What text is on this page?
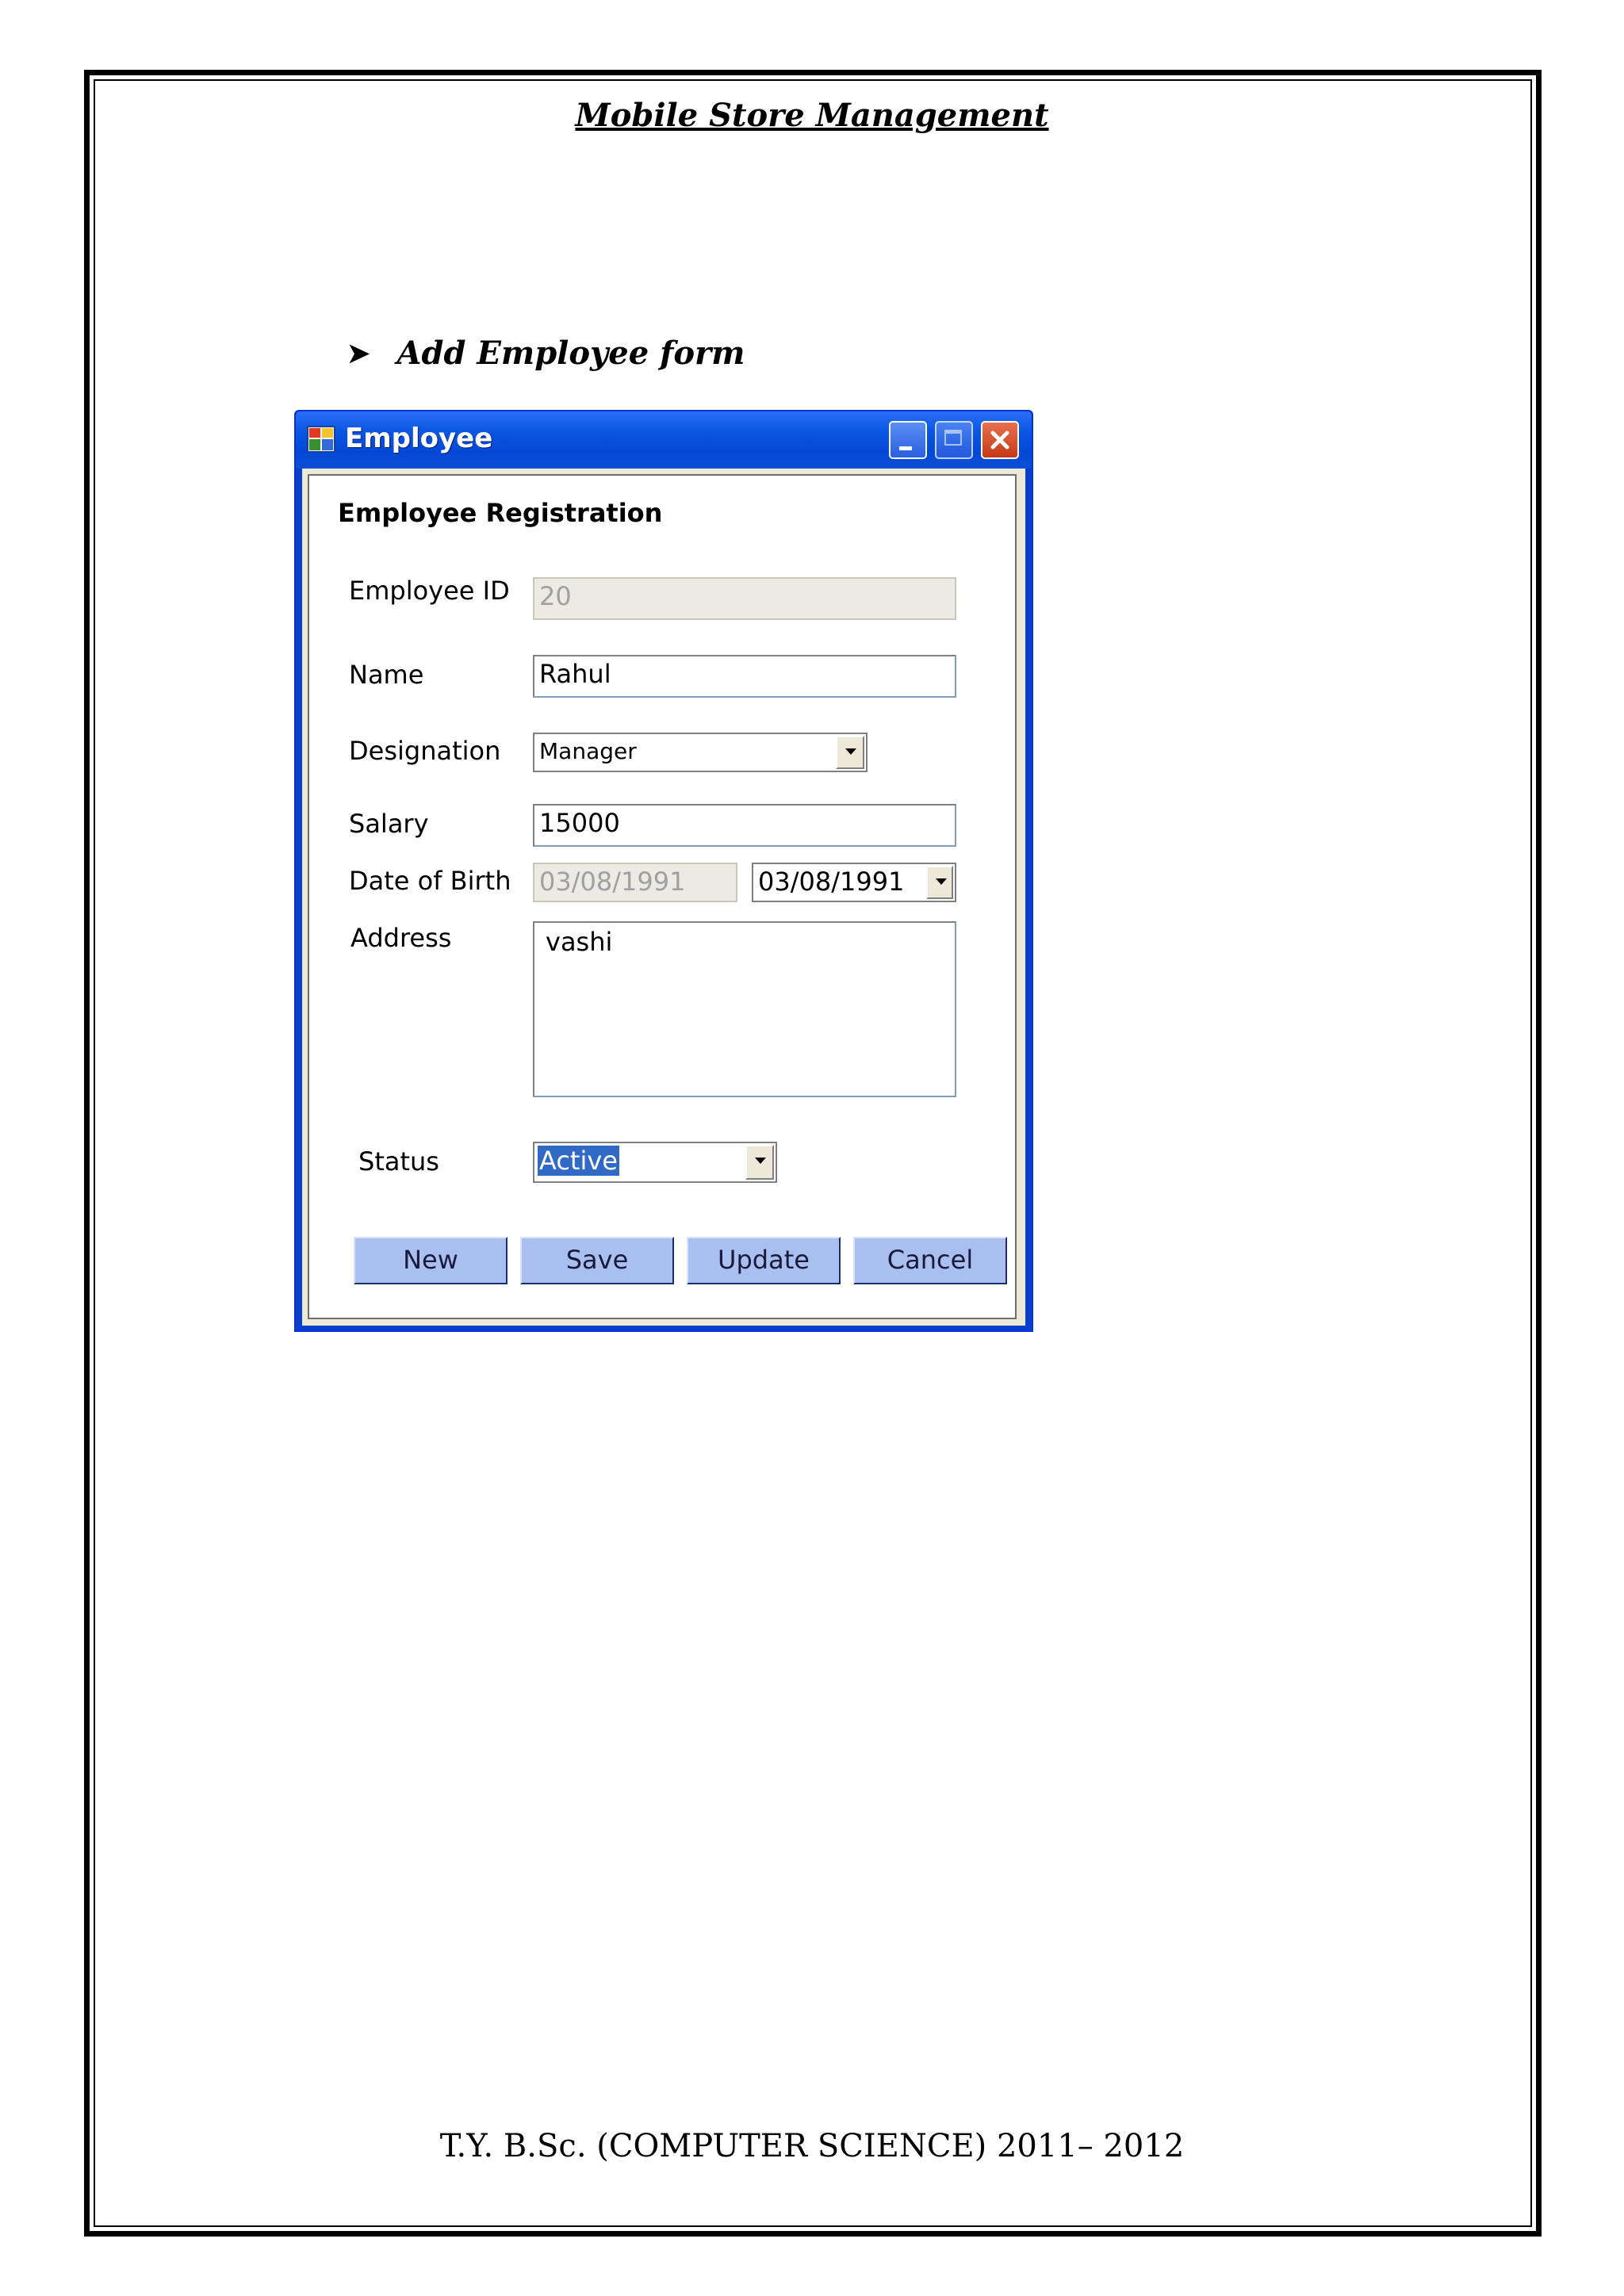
Mobile Store Management
➤ Add Employee form
Employee
Employee Registration
Employee ID 20
Name	Rahul
Designation Manager
Salary	15000
Date of Birth 03/08/1991	03/08/1991
Address	vashi
Status	Active
New	Save	Update	Cancel
T.Y. B.Sc. (COMPUTER SCIENCE) 2011– 2012
